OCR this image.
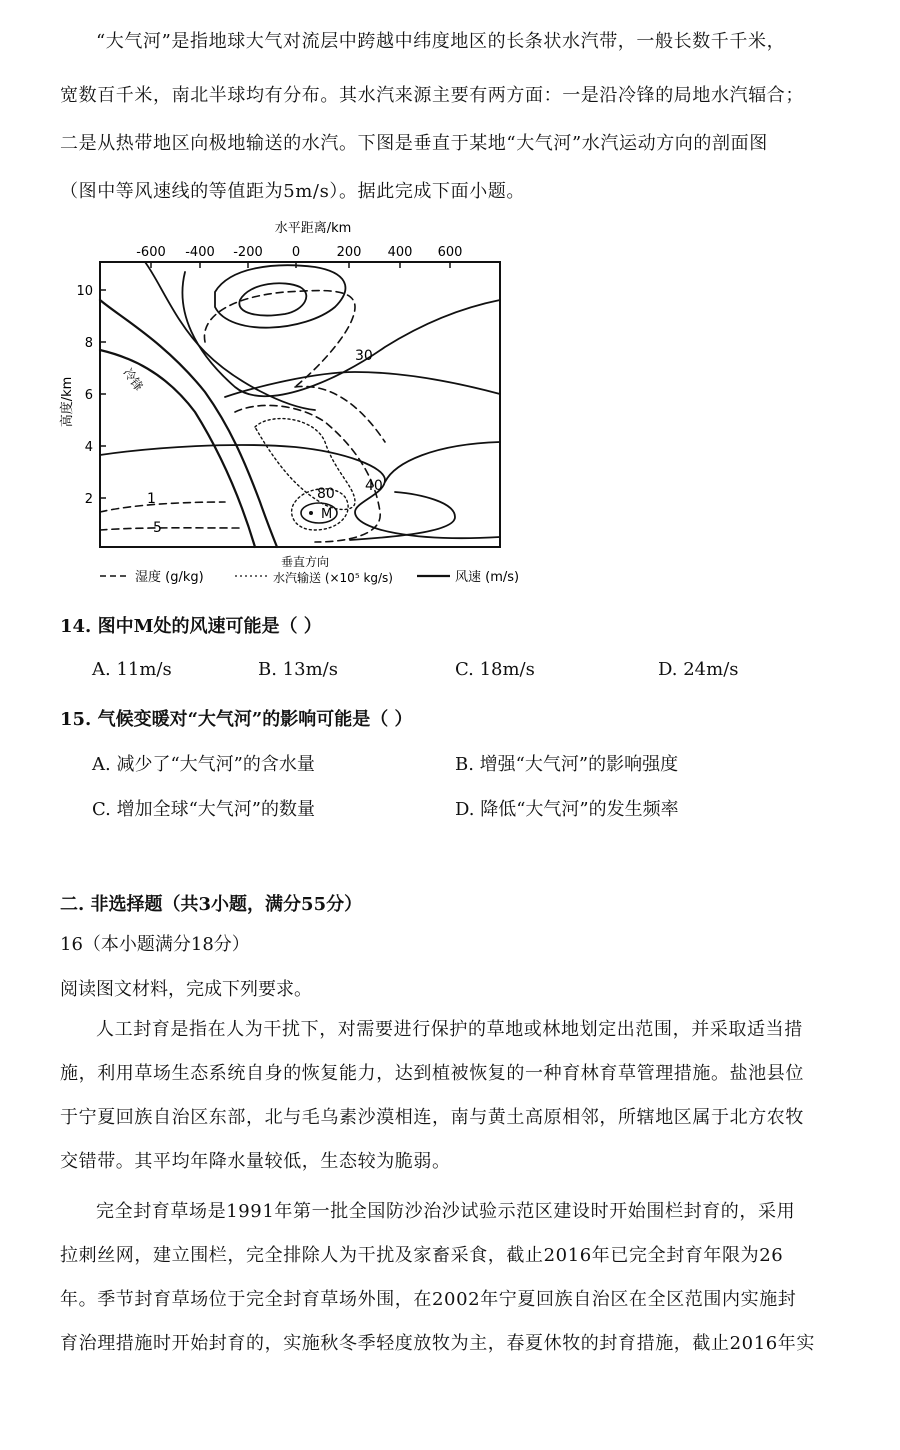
“大气河”是指地球大气对流层中跨越中纬度地区的长条状水汽带，一般长数千千米，
宽数百千米，南北半球均有分布。其水汽来源主要有两方面：一是沿冷锋的局地水汽辐合；
二是从热带地区向极地输送的水汽。下图是垂直于某地“大气河”水汽运动方向的剖面图
（图中等风速线的等值距为5m/s）。据此完成下面小题。
水平距离/km
-600 -400 -200 0	200 400 600
10
8
6
4
2
高度/km
M
30
40
80
1
5
冷锋
湿度 (g/kg)
垂直方向
水汽输送 (×10⁵ kg/s)	风速 (m/s)
14. 图中M处的风速可能是（ ）
A. 11m/s	B. 13m/s	C. 18m/s	D. 24m/s
15. 气候变暖对“大气河”的影响可能是（ ）
A. 减少了“大气河”的含水量	B. 增强“大气河”的影响强度
C. 增加全球“大气河”的数量	D. 降低“大气河”的发生频率
二. 非选择题（共3小题，满分55分）
16（本小题满分18分）
阅读图文材料，完成下列要求。
人工封育是指在人为干扰下，对需要进行保护的草地或林地划定出范围，并采取适当措
施，利用草场生态系统自身的恢复能力，达到植被恢复的一种育林育草管理措施。盐池县位
于宁夏回族自治区东部，北与毛乌素沙漠相连，南与黄土高原相邻，所辖地区属于北方农牧
交错带。其平均年降水量较低，生态较为脆弱。
完全封育草场是1991年第一批全国防沙治沙试验示范区建设时开始围栏封育的，采用
拉刺丝网，建立围栏，完全排除人为干扰及家畜采食，截止2016年已完全封育年限为26
年。季节封育草场位于完全封育草场外围，在2002年宁夏回族自治区在全区范围内实施封
育治理措施时开始封育的，实施秋冬季轻度放牧为主，春夏休牧的封育措施，截止2016年实
